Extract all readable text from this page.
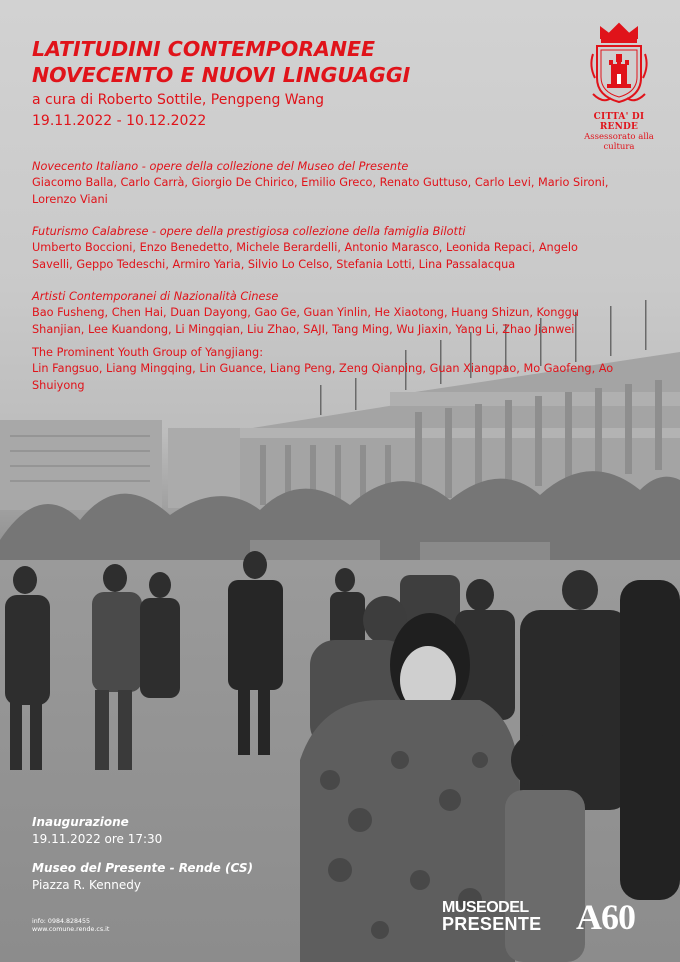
LATITUDINI CONTEMPORANEE
NOVECENTO E NUOVI LINGUAGGI
a cura di Roberto Sottile, Pengpeng Wang
19.11.2022 - 10.12.2022	CITTA' DI RENDE
Assessorato alla cultura
Novecento Italiano - opere della collezione del Museo del Presente
Giacomo Balla, Carlo Carrà, Giorgio De Chirico, Emilio Greco, Renato Guttuso, Carlo Levi, Mario Sironi, Lorenzo Viani
Futurismo Calabrese - opere della prestigiosa collezione della famiglia Bilotti
Umberto Boccioni, Enzo Benedetto, Michele Berardelli, Antonio Marasco, Leonida Repaci, Angelo Savelli, Geppo Tedeschi, Armiro Yaria, Silvio Lo Celso, Stefania Lotti, Lina Passalacqua
Artisti Contemporanei di Nazionalità Cinese
Bao Fusheng, Chen Hai, Duan Dayong, Gao Ge, Guan Yinlin, He Xiaotong, Huang Shizun, Konggu Shanjian, Lee Kuandong, Li Mingqian, Liu Zhao, SAJI, Tang Ming, Wu Jiaxin, Yang Li, Zhao Jianwei
The Prominent Youth Group of Yangjiang:
Lin Fangsuo, Liang Mingqing, Lin Guance, Liang Peng, Zeng Qianping, Guan Xiangpao, Mo Gaofeng, Ao Shuiyong
Inaugurazione
19.11.2022 ore 17:30
Museo del Presente - Rende (CS)
Piazza R. Kennedy
info: 0984.828455
www.comune.rende.cs.it
MUSEODEL
PRESENTE A60
